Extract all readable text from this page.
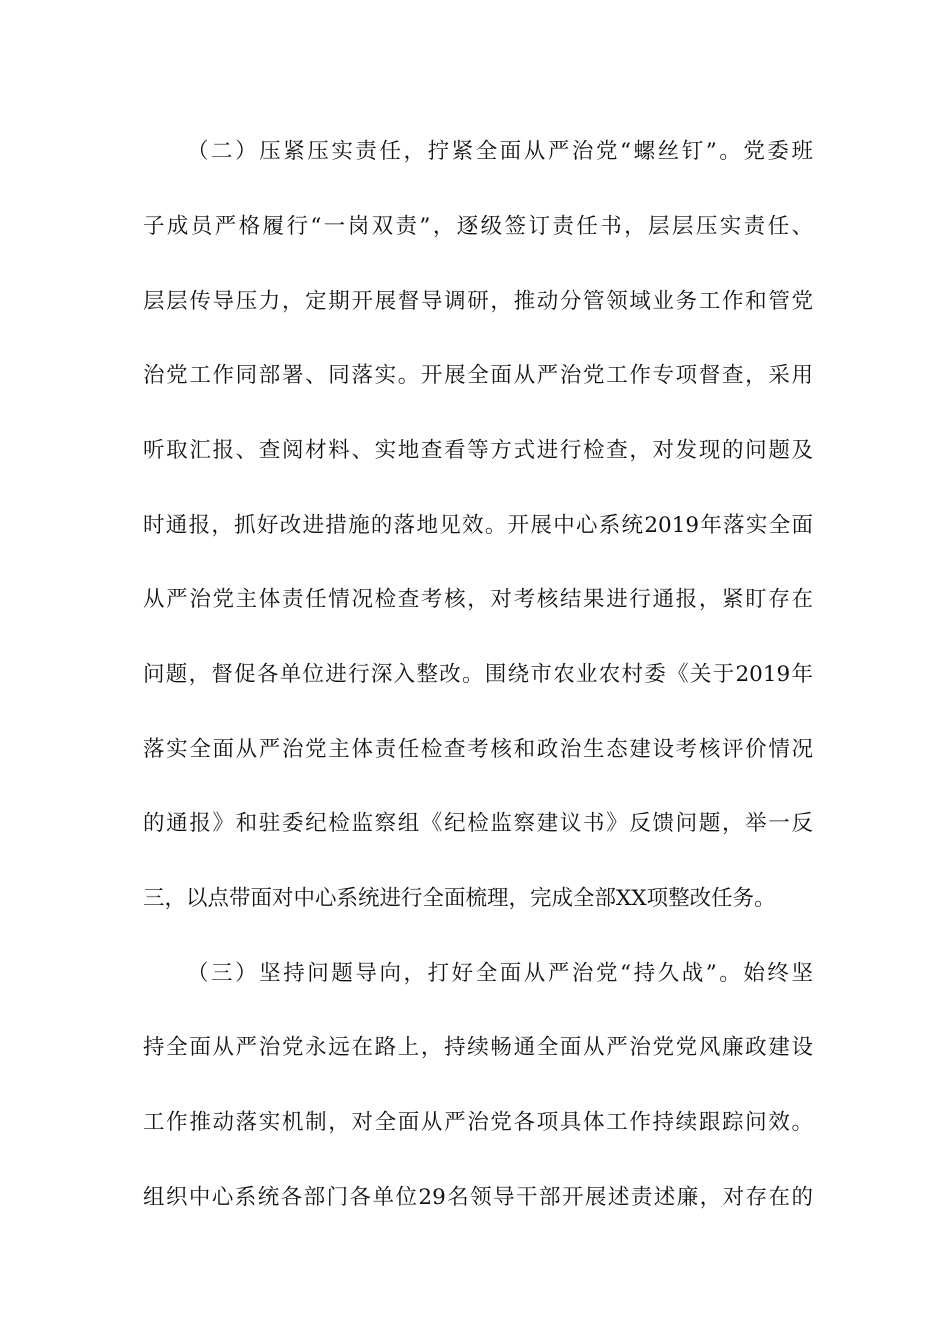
（二）压紧压实责任，拧紧全面从严治党“螺丝钉”。党委班
子成员严格履行“一岗双责”，逐级签订责任书，层层压实责任、
层层传导压力，定期开展督导调研，推动分管领域业务工作和管党
治党工作同部署、同落实。开展全面从严治党工作专项督查，采用
听取汇报、查阅材料、实地查看等方式进行检查，对发现的问题及
时通报，抓好改进措施的落地见效。开展中心系统2019年落实全面
从严治党主体责任情况检查考核，对考核结果进行通报，紧盯存在
问题，督促各单位进行深入整改。围绕市农业农村委《关于2019年
落实全面从严治党主体责任检查考核和政治生态建设考核评价情况
的通报》和驻委纪检监察组《纪检监察建议书》反馈问题，举一反
三，以点带面对中心系统进行全面梳理，完成全部XX项整改任务。
（三）坚持问题导向，打好全面从严治党“持久战”。始终坚
持全面从严治党永远在路上，持续畅通全面从严治党党风廉政建设
工作推动落实机制，对全面从严治党各项具体工作持续跟踪问效。
组织中心系统各部门各单位29名领导干部开展述责述廉，对存在的
